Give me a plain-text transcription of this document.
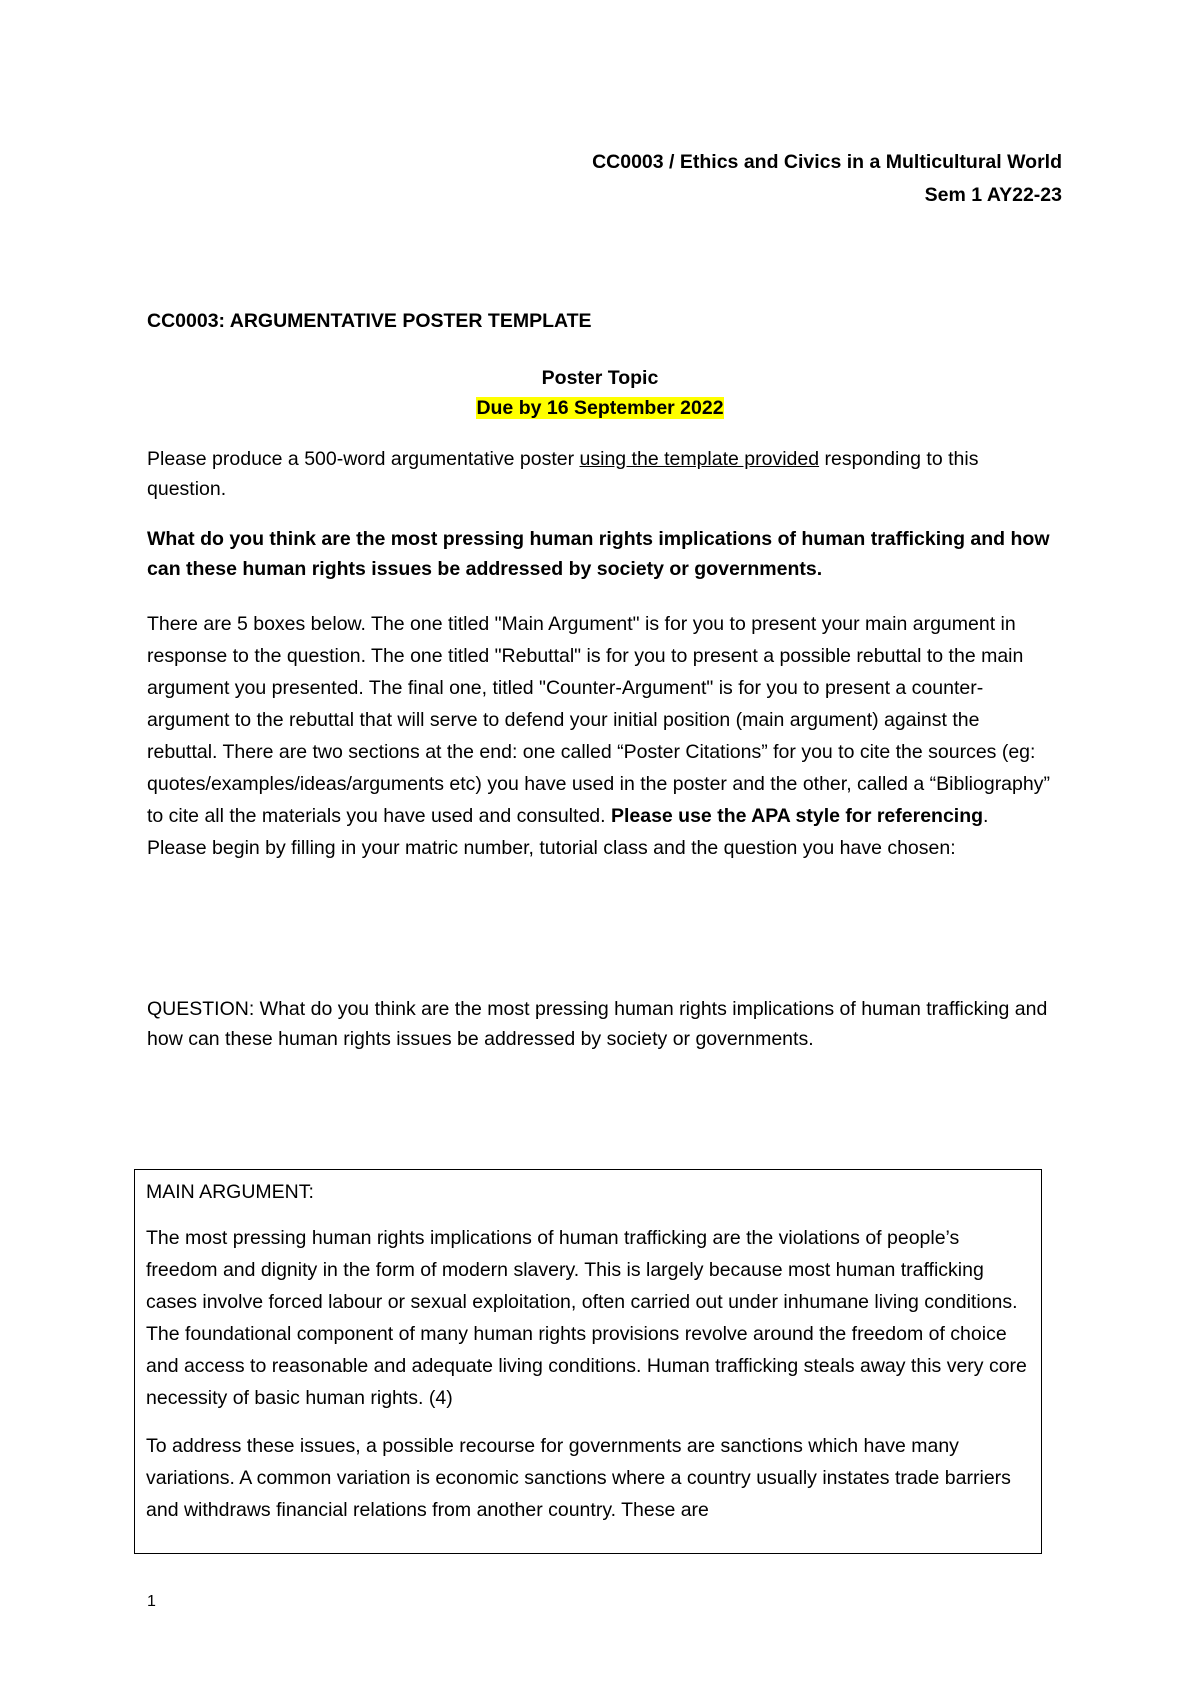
CC0003 / Ethics and Civics in a Multicultural World
Sem 1 AY22-23
CC0003: ARGUMENTATIVE POSTER TEMPLATE
Poster Topic
Due by 16 September 2022
Please produce a 500-word argumentative poster using the template provided responding to this question.
What do you think are the most pressing human rights implications of human trafficking and how can these human rights issues be addressed by society or governments.
There are 5 boxes below. The one titled "Main Argument" is for you to present your main argument in response to the question. The one titled "Rebuttal" is for you to present a possible rebuttal to the main argument you presented. The final one, titled "Counter-Argument" is for you to present a counter-argument to the rebuttal that will serve to defend your initial position (main argument) against the rebuttal. There are two sections at the end: one called “Poster Citations” for you to cite the sources (eg: quotes/examples/ideas/arguments etc) you have used in the poster and the other, called a “Bibliography” to cite all the materials you have used and consulted. Please use the APA style for referencing. Please begin by filling in your matric number, tutorial class and the question you have chosen:
QUESTION: What do you think are the most pressing human rights implications of human trafficking and how can these human rights issues be addressed by society or governments.

MAIN ARGUMENT:

The most pressing human rights implications of human trafficking are the violations of people’s freedom and dignity in the form of modern slavery. This is largely because most human trafficking cases involve forced labour or sexual exploitation, often carried out under inhumane living conditions. The foundational component of many human rights provisions revolve around the freedom of choice and access to reasonable and adequate living conditions. Human trafficking steals away this very core necessity of basic human rights. (4)

To address these issues, a possible recourse for governments are sanctions which have many variations. A common variation is economic sanctions where a country usually instates trade barriers and withdraws financial relations from another country. These are

1
